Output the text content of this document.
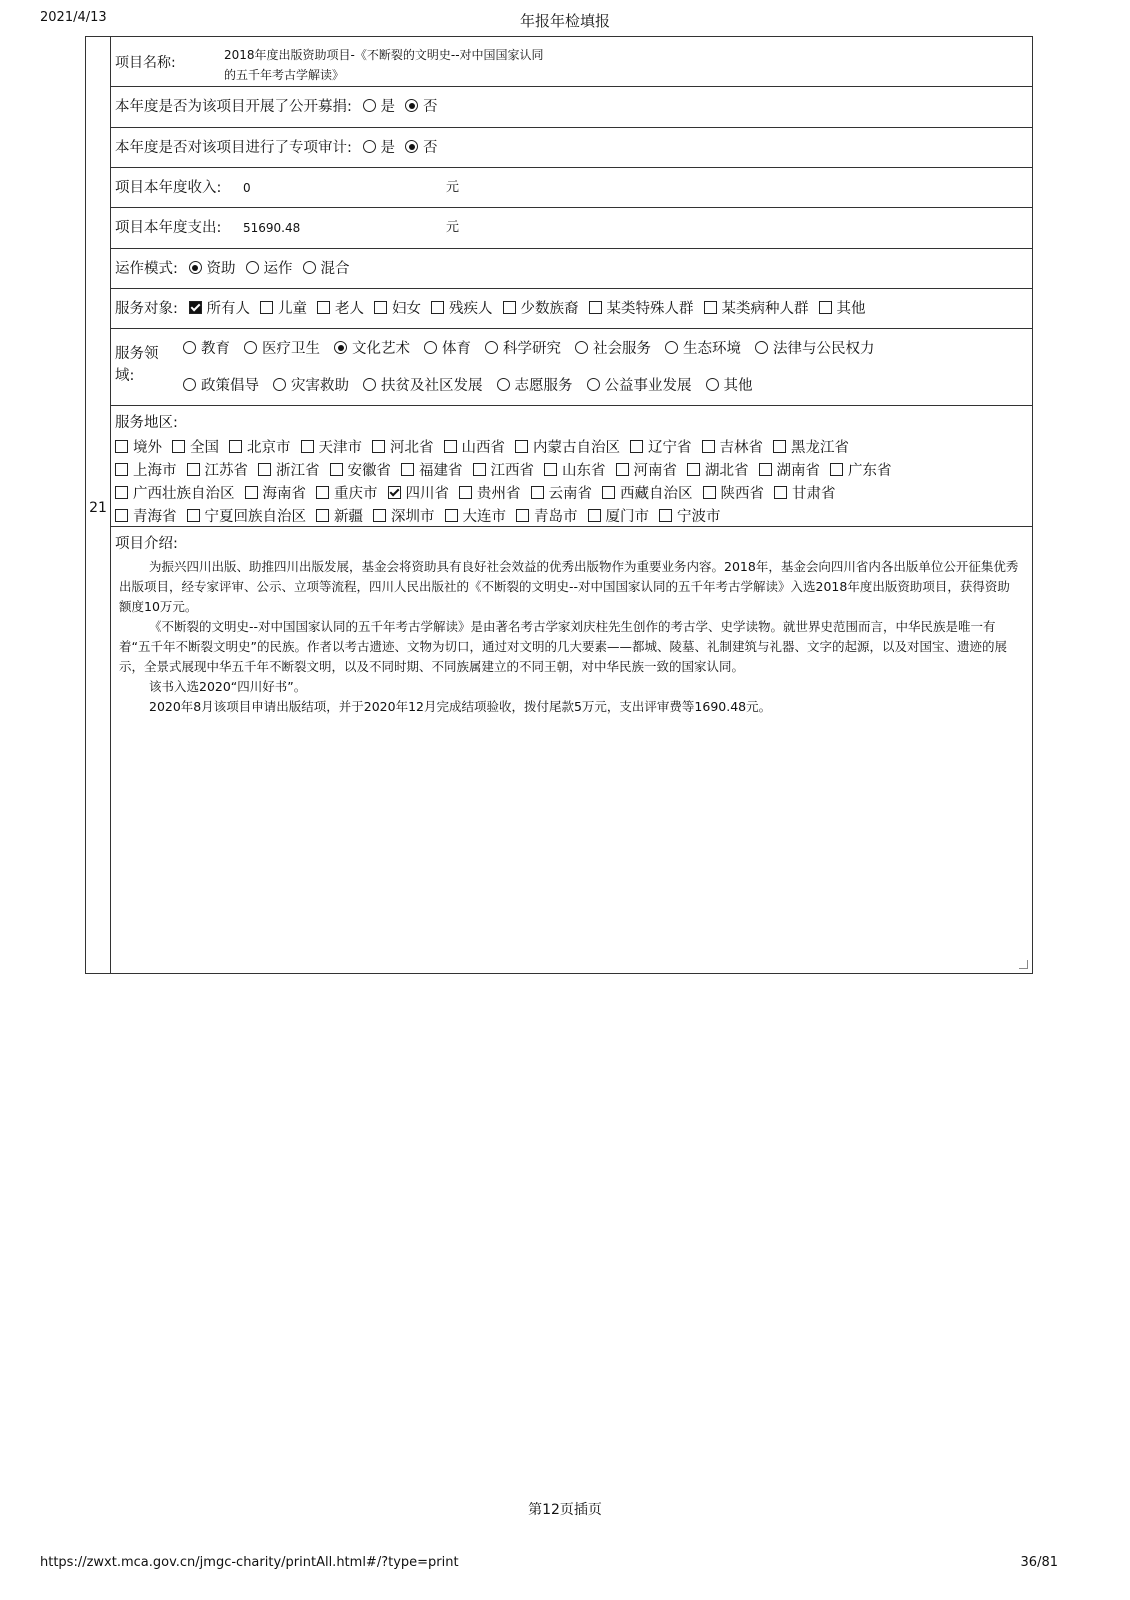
2021/4/13	年报年检填报
21
项目名称:	2018年度出版资助项目-《不断裂的文明史--对中国国家认同
的五千年考古学解读》
本年度是否为该项目开展了公开募捐: 是 否
本年度是否对该项目进行了专项审计: 是 否
项目本年度收入: 0	元
项目本年度支出: 51690.48	元
运作模式: 资助 运作 混合
服务对象: 所有人 儿童 老人 妇女 残疾人 少数族裔 某类特殊人群 某类病种人群 其他
服务领
域:
教育 医疗卫生 文化艺术 体育 科学研究 社会服务 生态环境 法律与公民权力
政策倡导 灾害救助 扶贫及社区发展 志愿服务 公益事业发展 其他
服务地区:
境外 全国 北京市 天津市 河北省 山西省 内蒙古自治区 辽宁省 吉林省 黑龙江省
上海市 江苏省 浙江省 安徽省 福建省 江西省 山东省 河南省 湖北省 湖南省 广东省
广西壮族自治区 海南省 重庆市 四川省 贵州省 云南省 西藏自治区 陕西省 甘肃省
青海省 宁夏回族自治区 新疆 深圳市 大连市 青岛市 厦门市 宁波市
项目介绍:

为振兴四川出版、助推四川出版发展，基金会将资助具有良好社会效益的优秀出版物作为重要业务内容。2018年，基金会向四川省内各出版单位公开征集优秀出版项目，经专家评审、公示、立项等流程，四川人民出版社的《不断裂的文明史--对中国国家认同的五千年考古学解读》入选2018年度出版资助项目，获得资助额度10万元。

《不断裂的文明史--对中国国家认同的五千年考古学解读》是由著名考古学家刘庆柱先生创作的考古学、史学读物。就世界史范围而言，中华民族是唯一有着“五千年不断裂文明史”的民族。作者以考古遗迹、文物为切口，通过对文明的几大要素——都城、陵墓、礼制建筑与礼器、文字的起源，以及对国宝、遗迹的展示，全景式展现中华五千年不断裂文明，以及不同时期、不同族属建立的不同王朝，对中华民族一致的国家认同。

该书入选2020“四川好书”。

2020年8月该项目申请出版结项，并于2020年12月完成结项验收，拨付尾款5万元，支出评审费等1690.48元。

第12页插页
https://zwxt.mca.gov.cn/jmgc-charity/printAll.html#/?type=print	36/81
